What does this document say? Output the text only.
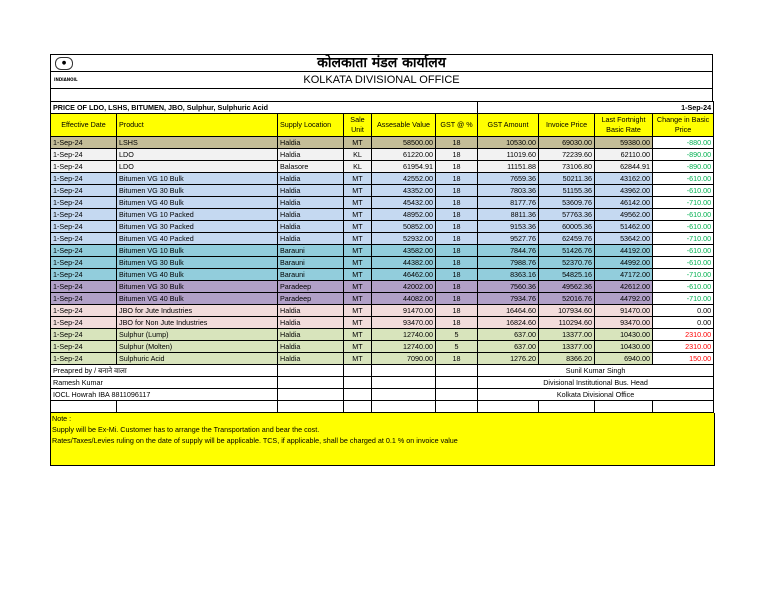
●
INDIANOIL
कोलकाता मंडल कार्यालय
KOLKATA DIVISIONAL OFFICE
PRICE OF LDO, LSHS, BITUMEN, JBO, Sulphur, Sulphuric Acid						1-Sep-24			
Effective Date	Product	Supply Location	Sale Unit	Assesable Value	GST @ %	GST Amount	Invoice Price	Last Fortnight Basic Rate	Change in Basic Price
1-Sep-24	LSHS	Haldia	MT	58500.00	18	10530.00	69030.00	59380.00	-880.00
1-Sep-24	LDO	Haldia	KL	61220.00	18	11019.60	72239.60	62110.00	-890.00
1-Sep-24	LDO	Balasore	KL	61954.91	18	11151.88	73106.80	62844.91	-890.00
1-Sep-24	Bitumen VG 10 Bulk	Haldia	MT	42552.00	18	7659.36	50211.36	43162.00	-610.00
1-Sep-24	Bitumen VG 30 Bulk	Haldia	MT	43352.00	18	7803.36	51155.36	43962.00	-610.00
1-Sep-24	Bitumen VG 40 Bulk	Haldia	MT	45432.00	18	8177.76	53609.76	46142.00	-710.00
1-Sep-24	Bitumen VG 10 Packed	Haldia	MT	48952.00	18	8811.36	57763.36	49562.00	-610.00
1-Sep-24	Bitumen VG 30 Packed	Haldia	MT	50852.00	18	9153.36	60005.36	51462.00	-610.00
1-Sep-24	Bitumen VG 40 Packed	Haldia	MT	52932.00	18	9527.76	62459.76	53642.00	-710.00
1-Sep-24	Bitumen VG 10 Bulk	Barauni	MT	43582.00	18	7844.76	51426.76	44192.00	-610.00
1-Sep-24	Bitumen VG 30 Bulk	Barauni	MT	44382.00	18	7988.76	52370.76	44992.00	-610.00
1-Sep-24	Bitumen VG 40 Bulk	Barauni	MT	46462.00	18	8363.16	54825.16	47172.00	-710.00
1-Sep-24	Bitumen VG 30 Bulk	Paradeep	MT	42002.00	18	7560.36	49562.36	42612.00	-610.00
1-Sep-24	Bitumen VG 40 Bulk	Paradeep	MT	44082.00	18	7934.76	52016.76	44792.00	-710.00
1-Sep-24	JBO for Jute Industries	Haldia	MT	91470.00	18	16464.60	107934.60	91470.00	0.00
1-Sep-24	JBO for Non Jute Industries	Haldia	MT	93470.00	18	16824.60	110294.60	93470.00	0.00
1-Sep-24	Sulphur (Lump)	Haldia	MT	12740.00	5	637.00	13377.00	10430.00	2310.00
1-Sep-24	Sulphur (Molten)	Haldia	MT	12740.00	5	637.00	13377.00	10430.00	2310.00
1-Sep-24	Sulphuric Acid	Haldia	MT	7090.00	18	1276.20	8366.20	6940.00	150.00
Preapred by / बनाने वाला						Sunil Kumar Singh			
Ramesh Kumar						Divisional Institutional Bus. Head			
IOCL Howrah IBA 8811096117						Kolkata Divisional Office			

Note :
Supply will be Ex-Mi. Customer has to arrange the Transportation and bear the cost.
Rates/Taxes/Levies ruling on the date of supply will be applicable. TCS, if applicable, shall be charged at 0.1 % on invoice value
